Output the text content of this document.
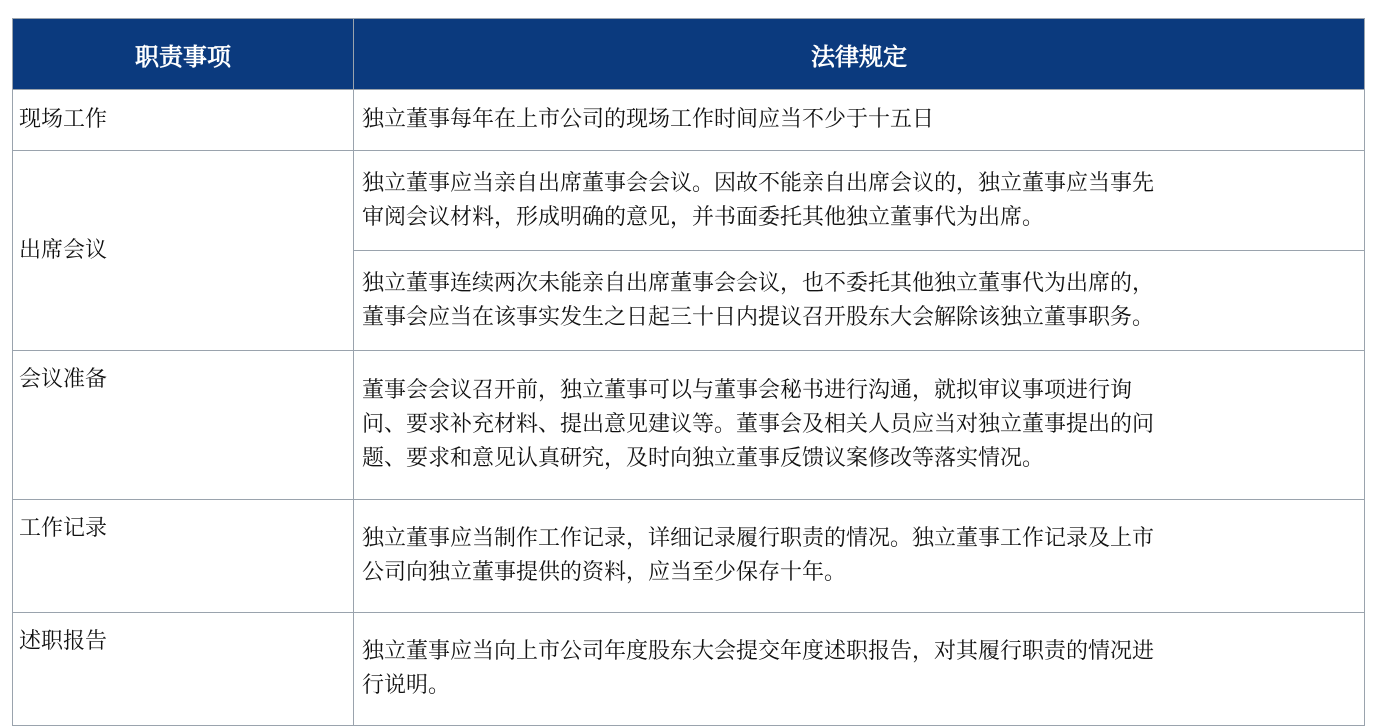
职责事项	法律规定
现场工作	独立董事每年在上市公司的现场工作时间应当不少于十五日

出席会议	独立董事应当亲自出席董事会会议。因故不能亲自出席会议的，独立董事应当事先
审阅会议材料，形成明确的意见，并书面委托其他独立董事代为出席。

	独立董事连续两次未能亲自出席董事会会议，也不委托其他独立董事代为出席的，
董事会应当在该事实发生之日起三十日内提议召开股东大会解除该独立董事职务。

会议准备	董事会会议召开前，独立董事可以与董事会秘书进行沟通，就拟审议事项进行询
问、要求补充材料、提出意见建议等。董事会及相关人员应当对独立董事提出的问
题、要求和意见认真研究，及时向独立董事反馈议案修改等落实情况。

工作记录	独立董事应当制作工作记录，详细记录履行职责的情况。独立董事工作记录及上市
公司向独立董事提供的资料，应当至少保存十年。

述职报告	独立董事应当向上市公司年度股东大会提交年度述职报告，对其履行职责的情况进
行说明。
